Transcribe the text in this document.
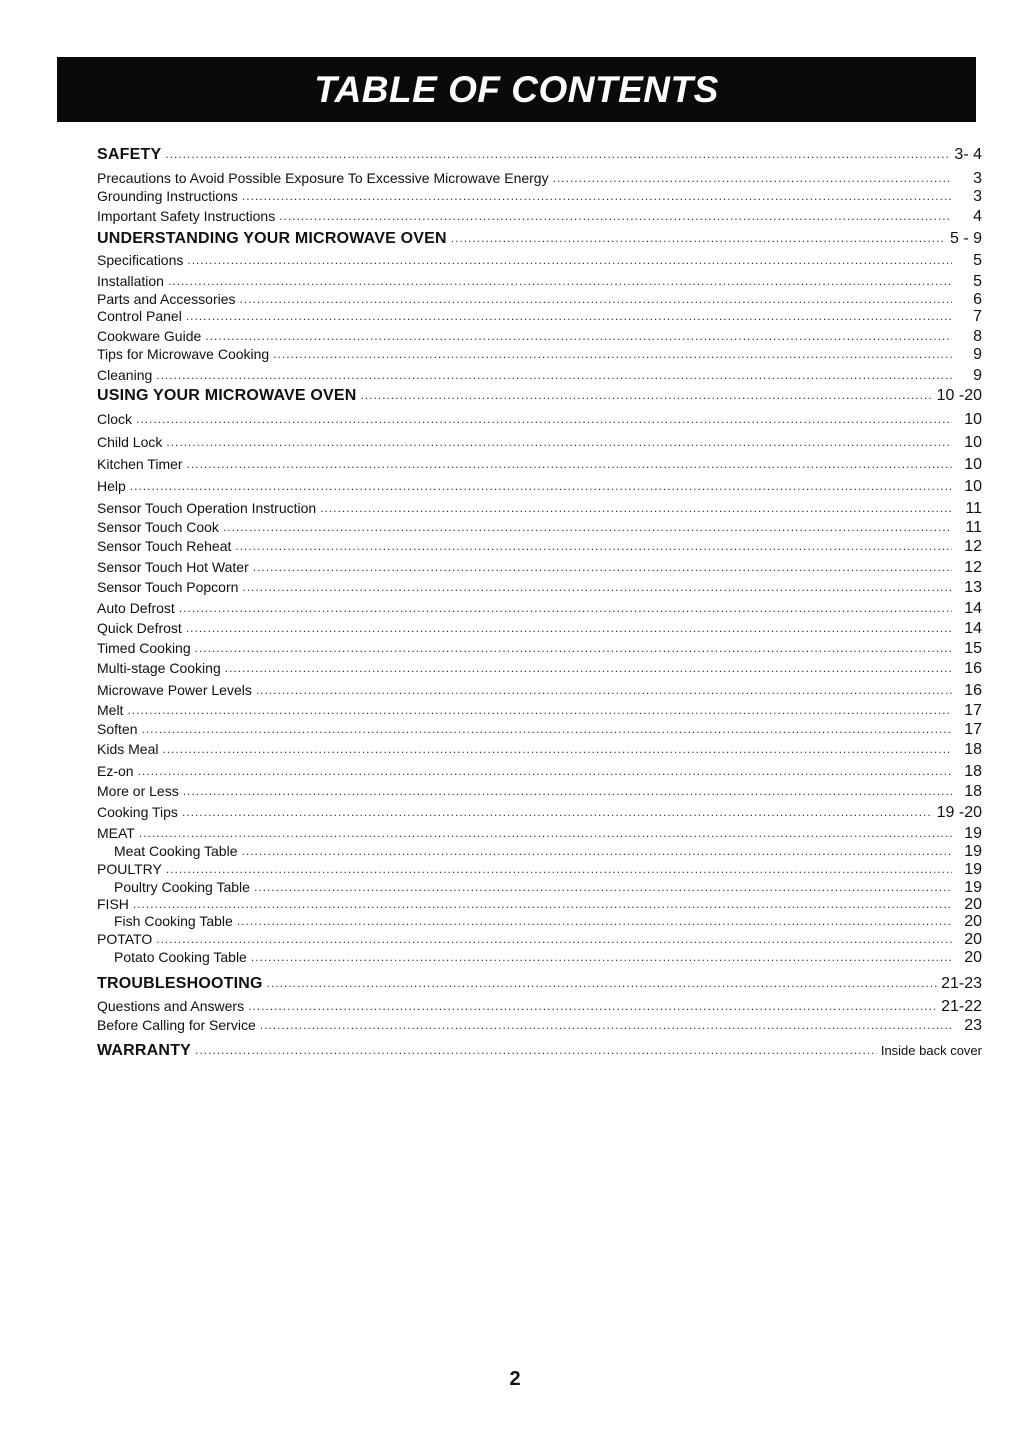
TABLE OF CONTENTS
SAFETY .....	3- 4
Precautions to Avoid Possible Exposure To Excessive Microwave Energy .....	3
Grounding Instructions .....	3
Important Safety Instructions .....	4
UNDERSTANDING YOUR MICROWAVE OVEN .....	5 - 9
Specifications .....	5
Installation .....	5
Parts and Accessories .....	6
Control Panel .....	7
Cookware Guide .....	8
Tips for Microwave Cooking .....	9
Cleaning .....	9
USING YOUR MICROWAVE OVEN .....	10 -20
Clock .....	10
Child Lock .....	10
Kitchen Timer .....	10
Help .....	10
Sensor Touch Operation Instruction .....	11
Sensor Touch Cook .....	11
Sensor Touch Reheat .....	12
Sensor Touch Hot Water .....	12
Sensor Touch Popcorn .....	13
Auto Defrost .....	14
Quick Defrost .....	14
Timed Cooking .....	15
Multi-stage Cooking .....	16
Microwave Power Levels .....	16
Melt .....	17
Soften .....	17
Kids Meal .....	18
Ez-on .....	18
More or Less .....	18
Cooking Tips .....	19 -20
MEAT .....	19
Meat Cooking Table .....	19
POULTRY .....	19
Poultry Cooking Table .....	19
FISH .....	20
Fish Cooking Table .....	20
POTATO .....	20
Potato Cooking Table .....	20
TROUBLESHOOTING .....	21-23
Questions and Answers .....	21-22
Before Calling for Service .....	23
WARRANTY .....	Inside back cover
2
